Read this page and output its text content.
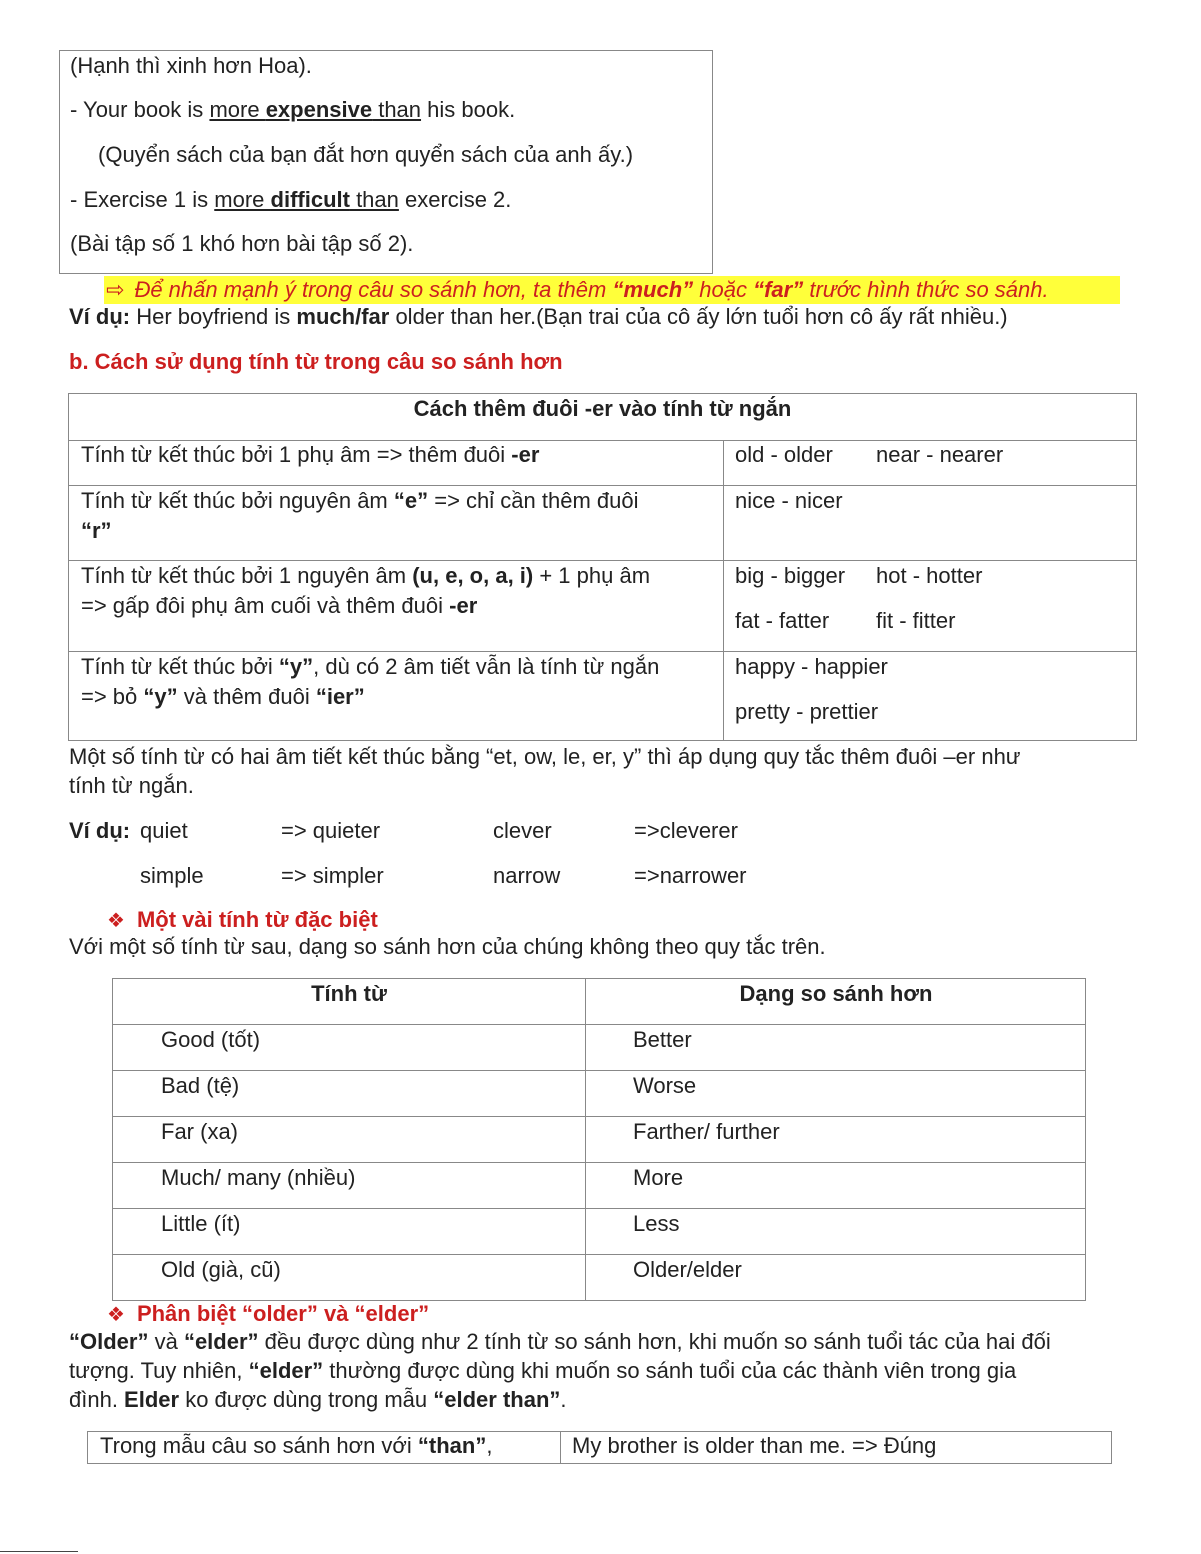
(Hạnh thì xinh hơn Hoa).
- Your book is more expensive than his book.
(Quyển sách của bạn đắt hơn quyển sách của anh ấy.)
- Exercise 1 is more difficult than exercise 2.
(Bài tập số 1 khó hơn bài tập số 2).
⇨ Để nhấn mạnh ý trong câu so sánh hơn, ta thêm “much” hoặc “far” trước hình thức so sánh.
Ví dụ: Her boyfriend is much/far older than her.(Bạn trai của cô ấy lớn tuổi hơn cô ấy rất nhiều.)
b. Cách sử dụng tính từ trong câu so sánh hơn
Cách thêm đuôi -er vào tính từ ngắn
Tính từ kết thúc bởi 1 phụ âm => thêm đuôi -er	old - older near - nearer
Tính từ kết thúc bởi nguyên âm “e” => chỉ cần thêm đuôi
“r”
nice - nicer
Tính từ kết thúc bởi 1 nguyên âm (u, e, o, a, i) + 1 phụ âm
=> gấp đôi phụ âm cuối và thêm đuôi -er
big - bigger hot - hotter
fat - fatter fit - fitter
Tính từ kết thúc bởi “y”, dù có 2 âm tiết vẫn là tính từ ngắn
=> bỏ “y” và thêm đuôi “ier”
happy - happier
pretty - prettier
Một số tính từ có hai âm tiết kết thúc bằng “et, ow, le, er, y” thì áp dụng quy tắc thêm đuôi –er như
tính từ ngắn.
Ví dụ: quiet	=> quieter	clever	=>cleverer
simple	=> simpler	narrow	=>narrower
❖ Một vài tính từ đặc biệt
Với một số tính từ sau, dạng so sánh hơn của chúng không theo quy tắc trên.
Tính từ	Dạng so sánh hơn
Good (tốt)	Better
Bad (tệ)	Worse
Far (xa)	Farther/ further
Much/ many (nhiều)	More
Little (ít)	Less
Old (già, cũ)	Older/elder
❖ Phân biệt “older” và “elder”
“Older” và “elder” đều được dùng như 2 tính từ so sánh hơn, khi muốn so sánh tuổi tác của hai đối
tượng. Tuy nhiên, “elder” thường được dùng khi muốn so sánh tuổi của các thành viên trong gia
đình. Elder ko được dùng trong mẫu “elder than”.
Trong mẫu câu so sánh hơn với “than”,	My brother is older than me. => Đúng
